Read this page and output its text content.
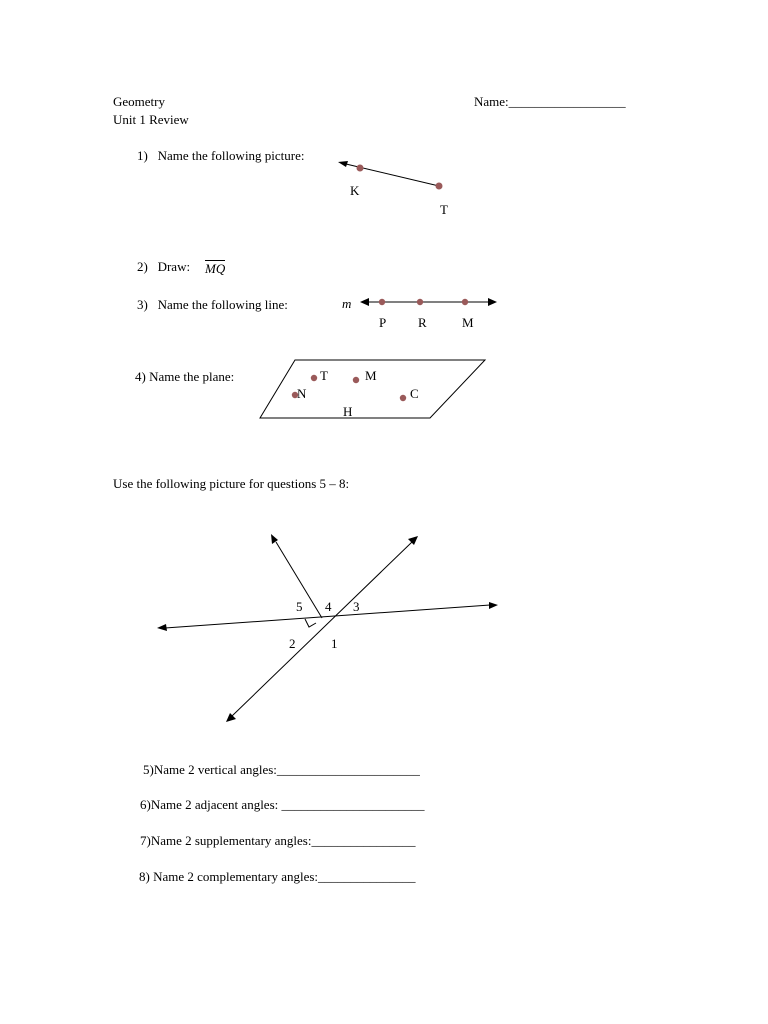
Geometry
Unit 1 Review
Name:__________________
1)   Name the following picture:
K
T
2)   Draw: MQ
3)   Name the following line:	m
P R	M
4) Name the plane:	T	M
N	C
H
Use the following picture for questions 5 – 8:
5 4 3
2	1
5)Name 2 vertical angles:______________________
6)Name 2 adjacent angles: ______________________
7)Name 2 supplementary angles:________________
8) Name 2 complementary angles:_______________
